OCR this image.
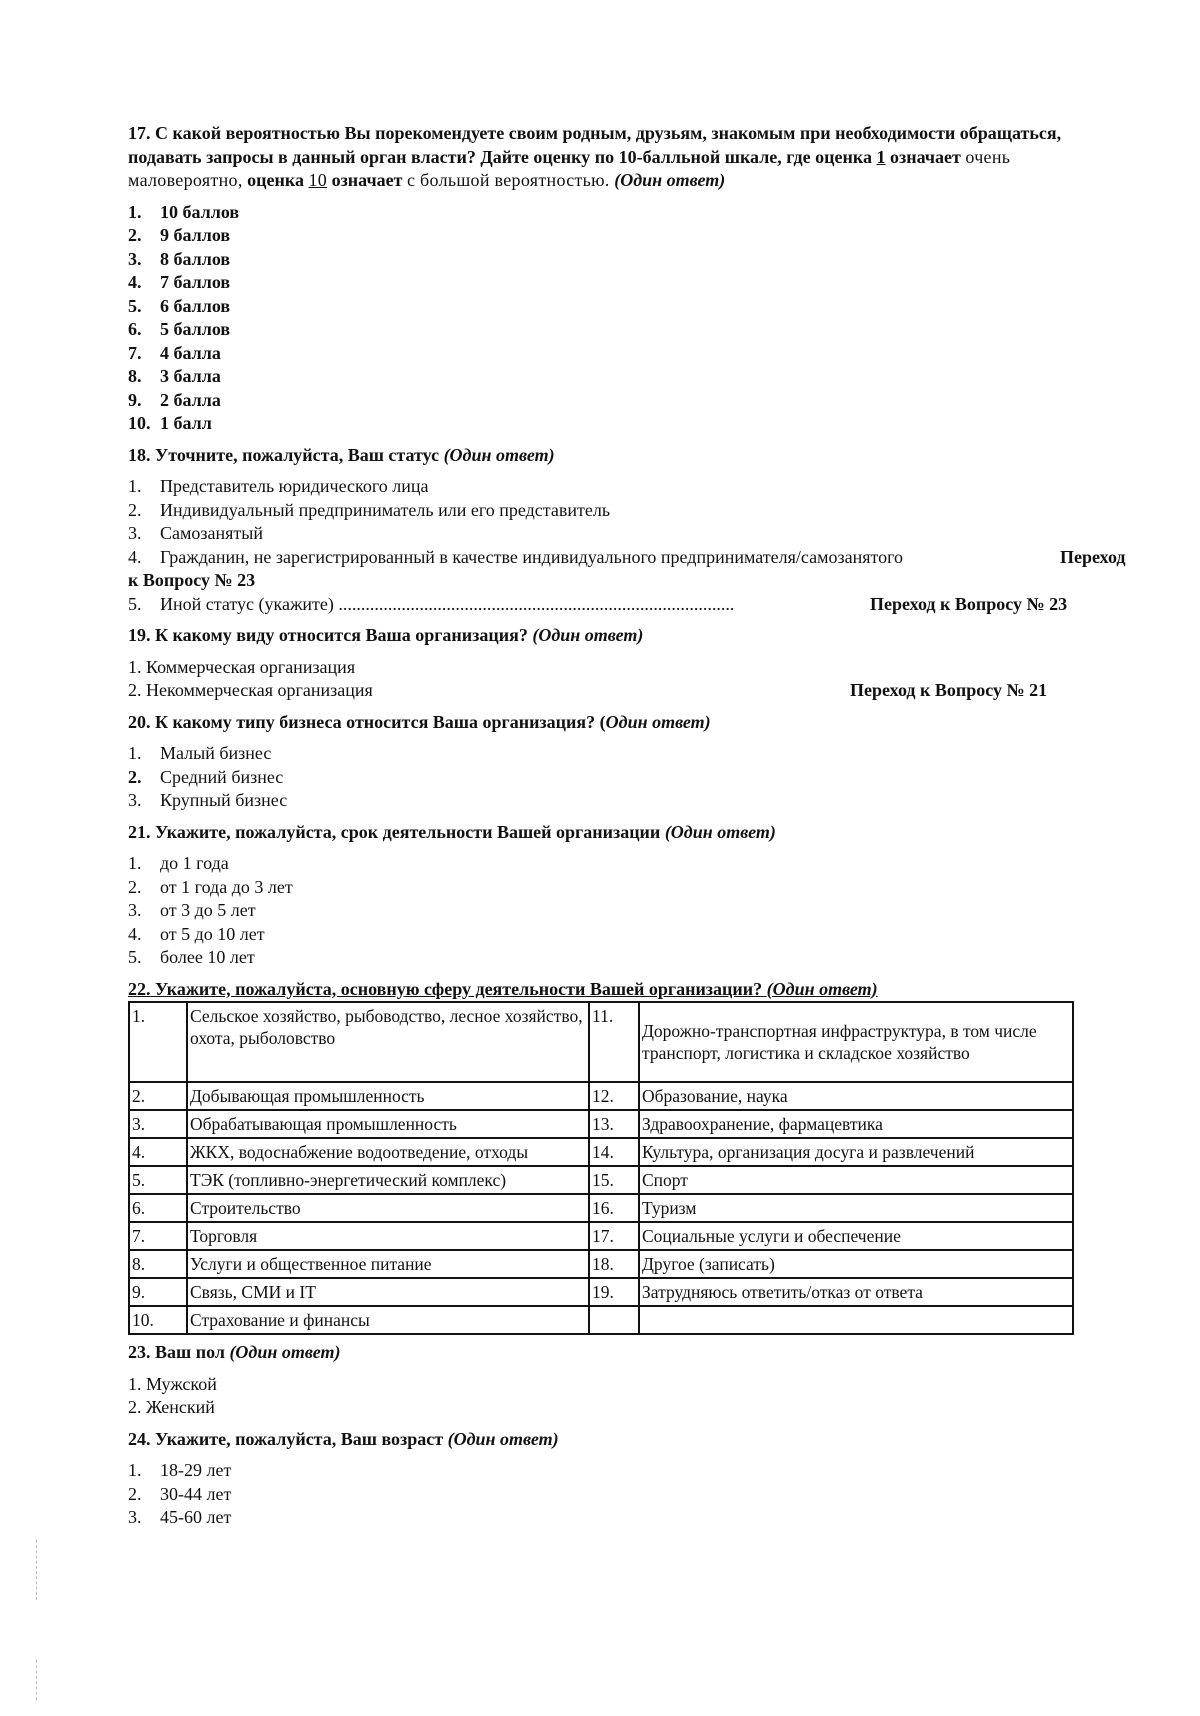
17. С какой вероятностью Вы порекомендуете своим родным, друзьям, знакомым при необходимости обращаться, подавать запросы в данный орган власти? Дайте оценку по 10-балльной шкале, где оценка 1 означает очень маловероятно, оценка 10 означает с большой вероятностью. (Один ответ)
1. 10 баллов
2. 9 баллов
3. 8 баллов
4. 7 баллов
5. 6 баллов
6. 5 баллов
7. 4 балла
8. 3 балла
9. 2 балла
10. 1 балл
18. Уточните, пожалуйста, Ваш статус (Один ответ)
1. Представитель юридического лица
2. Индивидуальный предприниматель или его представитель
3. Самозанятый
4. Гражданин, не зарегистрированный в качестве индивидуального предпринимателя/самозанятого	Переход
к Вопросу № 23
5. Иной статус (укажите) ........................................................................................	Переход к Вопросу № 23
19. К какому виду относится Ваша организация? (Один ответ)
1. Коммерческая организация
2. Некоммерческая организация	Переход к Вопросу № 21
20. К какому типу бизнеса относится Ваша организация? (Один ответ)
1. Малый бизнес
2. Средний бизнес
3. Крупный бизнес
21. Укажите, пожалуйста, срок деятельности Вашей организации (Один ответ)
1. до 1 года
2. от 1 года до 3 лет
3. от 3 до 5 лет
4. от 5 до 10 лет
5. более 10 лет
22. Укажите, пожалуйста, основную сферу деятельности Вашей организации? (Один ответ)
1.	Сельское хозяйство, рыбоводство, лесное хозяйство, охота, рыболовство	11.	Дорожно-транспортная инфраструктура, в том числе транспорт, логистика и складское хозяйство
2.	Добывающая промышленность	12.	Образование, наука
3.	Обрабатывающая промышленность	13.	Здравоохранение, фармацевтика
4.	ЖКХ, водоснабжение водоотведение, отходы	14.	Культура, организация досуга и развлечений
5.	ТЭК (топливно-энергетический комплекс)	15.	Спорт
6.	Строительство	16.	Туризм
7.	Торговля	17.	Социальные услуги и обеспечение
8.	Услуги и общественное питание	18.	Другое (записать)
9.	Связь, СМИ и IT	19.	Затрудняюсь ответить/отказ от ответа
10.	Страхование и финансы		
23. Ваш пол (Один ответ)
1. Мужской
2. Женский
24. Укажите, пожалуйста, Ваш возраст (Один ответ)
1. 18-29 лет
2. 30-44 лет
3. 45-60 лет
